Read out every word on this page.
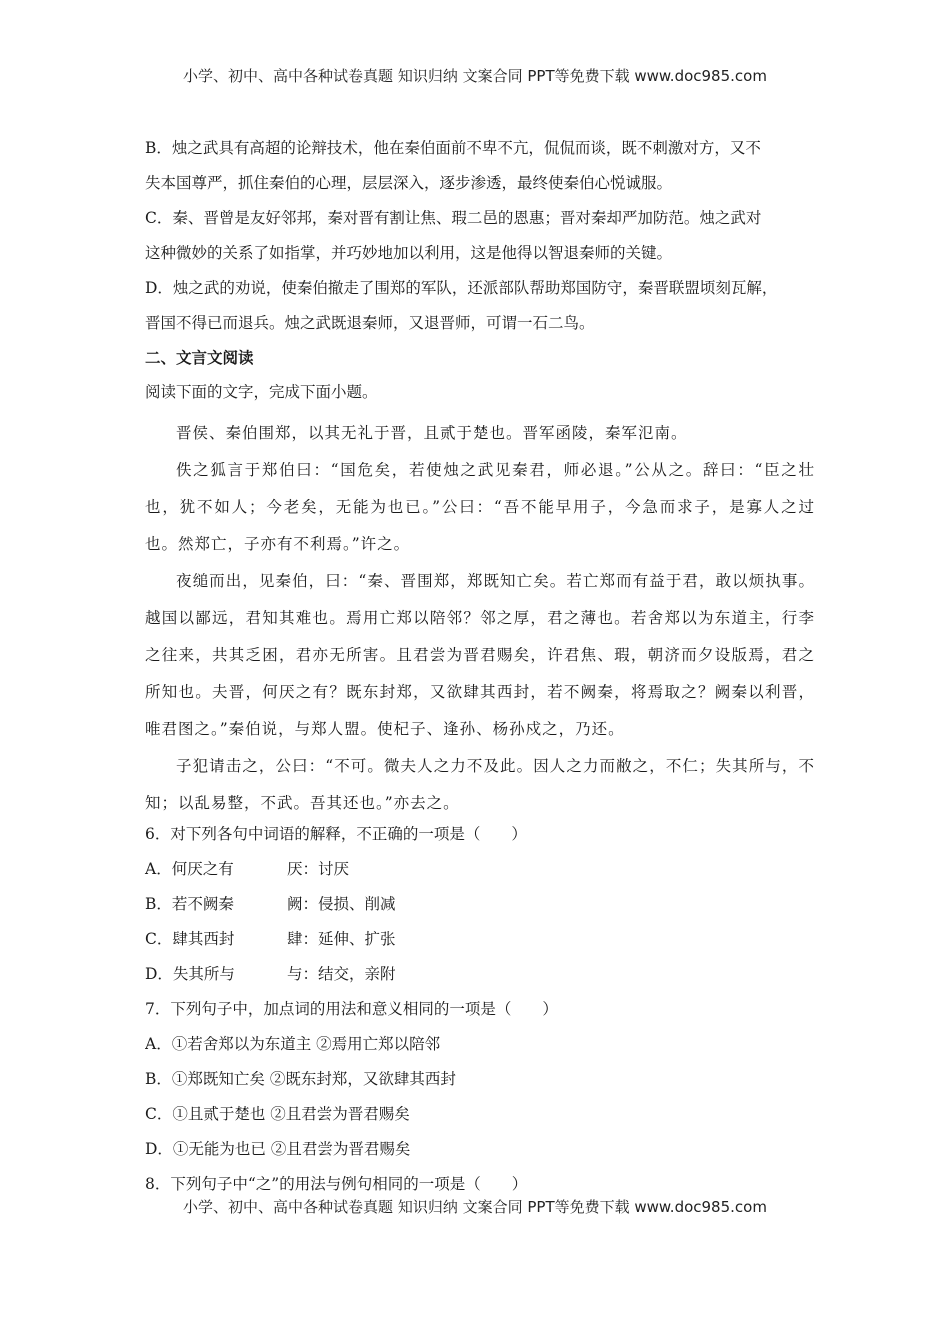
小学、初中、高中各种试卷真题 知识归纳 文案合同 PPT等免费下载 www.doc985.com
B．烛之武具有高超的论辩技术，他在秦伯面前不卑不亢，侃侃而谈，既不刺激对方，又不
失本国尊严，抓住秦伯的心理，层层深入，逐步渗透，最终使秦伯心悦诚服。
C．秦、晋曾是友好邻邦，秦对晋有割让焦、瑕二邑的恩惠；晋对秦却严加防范。烛之武对
这种微妙的关系了如指掌，并巧妙地加以利用，这是他得以智退秦师的关键。
D．烛之武的劝说，使秦伯撤走了围郑的军队，还派部队帮助郑国防守，秦晋联盟顷刻瓦解，
晋国不得已而退兵。烛之武既退秦师，又退晋师，可谓一石二鸟。
二、文言文阅读
阅读下面的文字，完成下面小题。

晋侯、秦伯围郑，以其无礼于晋，且贰于楚也。晋军函陵，秦军氾南。

佚之狐言于郑伯曰：“国危矣，若使烛之武见秦君，师必退。”公从之。辞曰：“臣之壮也，犹不如人；今老矣，无能为也已。”公曰：“吾不能早用子，今急而求子，是寡人之过也。然郑亡，子亦有不利焉。”许之。

夜缒而出，见秦伯，曰：“秦、晋围郑，郑既知亡矣。若亡郑而有益于君，敢以烦执事。越国以鄙远，君知其难也。焉用亡郑以陪邻？邻之厚，君之薄也。若舍郑以为东道主，行李之往来，共其乏困，君亦无所害。且君尝为晋君赐矣，许君焦、瑕，朝济而夕设版焉，君之所知也。夫晋，何厌之有？既东封郑，又欲肆其西封，若不阙秦，将焉取之？阙秦以利晋，唯君图之。”秦伯说，与郑人盟。使杞子、逢孙、杨孙戍之，乃还。

子犯请击之，公曰：“不可。微夫人之力不及此。因人之力而敝之，不仁；失其所与，不知；以乱易整，不武。吾其还也。”亦去之。

6．对下列各句中词语的解释，不正确的一项是（　　）
A．何厌之有	厌：讨厌
B．若不阙秦	阙：侵损、削减
C．肆其西封	肆：延伸、扩张
D．失其所与	与：结交，亲附
7．下列句子中，加点词的用法和意义相同的一项是（　　）
A．①若舍郑以为东道主 ②焉用亡郑以陪邻
B．①郑既知亡矣 ②既东封郑，又欲肆其西封
C．①且贰于楚也 ②且君尝为晋君赐矣
D．①无能为也已 ②且君尝为晋君赐矣
8．下列句子中“之”的用法与例句相同的一项是（　　）
小学、初中、高中各种试卷真题 知识归纳 文案合同 PPT等免费下载 www.doc985.com
